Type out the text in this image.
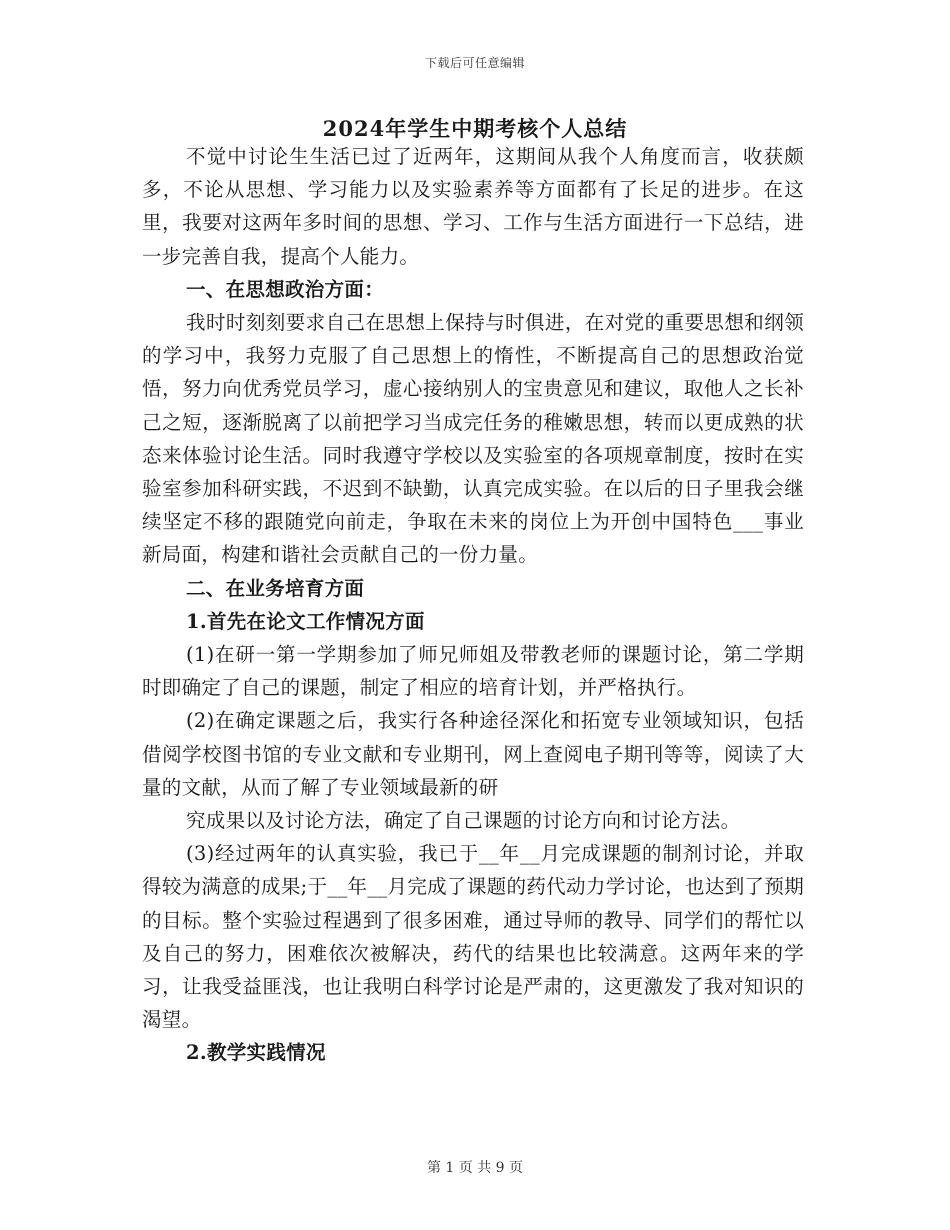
下载后可任意编辑
2024年学生中期考核个人总结

不觉中讨论生生活已过了近两年，这期间从我个人角度而言，收获颇多，不论从思想、学习能力以及实验素养等方面都有了长足的进步。在这里，我要对这两年多时间的思想、学习、工作与生活方面进行一下总结，进一步完善自我，提高个人能力。

一、在思想政治方面：

我时时刻刻要求自己在思想上保持与时俱进，在对党的重要思想和纲领的学习中，我努力克服了自己思想上的惰性，不断提高自己的思想政治觉悟，努力向优秀党员学习，虚心接纳别人的宝贵意见和建议，取他人之长补己之短，逐渐脱离了以前把学习当成完任务的稚嫩思想，转而以更成熟的状态来体验讨论生活。同时我遵守学校以及实验室的各项规章制度，按时在实验室参加科研实践，不迟到不缺勤，认真完成实验。在以后的日子里我会继续坚定不移的跟随党向前走，争取在未来的岗位上为开创中国特色___事业新局面，构建和谐社会贡献自己的一份力量。

二、在业务培育方面

1.首先在论文工作情况方面

(1)在研一第一学期参加了师兄师姐及带教老师的课题讨论，第二学期时即确定了自己的课题，制定了相应的培育计划，并严格执行。

(2)在确定课题之后，我实行各种途径深化和拓宽专业领域知识，包括借阅学校图书馆的专业文献和专业期刊，网上查阅电子期刊等等，阅读了大量的文献，从而了解了专业领域最新的研

究成果以及讨论方法，确定了自己课题的讨论方向和讨论方法。

(3)经过两年的认真实验，我已于__年__月完成课题的制剂讨论，并取得较为满意的成果;于__年__月完成了课题的药代动力学讨论，也达到了预期的目标。整个实验过程遇到了很多困难，通过导师的教导、同学们的帮忙以及自己的努力，困难依次被解决，药代的结果也比较满意。这两年来的学习，让我受益匪浅，也让我明白科学讨论是严肃的，这更激发了我对知识的渴望。

2.教学实践情况

第 1 页 共 9 页
